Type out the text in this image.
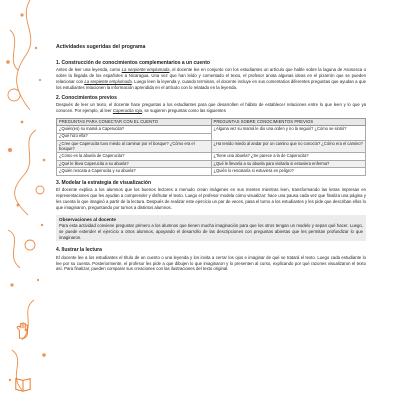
Actividades sugeridas del programa
1. Construcción de conocimientos complementarios a un cuento

Antes de leer una leyenda, como La serpiente emplumada, el docente lee en conjunto con los estudiantes un artículo que hable sobre la laguna de Asososca o sobre la llegada de los españoles a Nicaragua. Una vez que han leído y comentado el texto, el profesor anota algunas ideas en el pizarrón que se pueden relacionar con La serpiente emplumada. Luego leen la leyenda y, cuando terminan, el docente incluye en sus comentarios diferentes preguntas que ayudan a que los estudiantes relacionen la información aprendida en el artículo con lo relatado en la leyenda.

2. Conocimientos previos

Después de leer un texto, el docente hace preguntas a los estudiantes para que desarrollen el hábito de establecer relaciones entre lo que leen y lo que ya conocen. Por ejemplo, al leer Caperucita roja, se sugieren preguntas como las siguientes

PREGUNTAS PARA CONECTAR CON EL CUENTO	PREGUNTAS SOBRE CONOCIMIENTOS PREVIOS
¿Quién(es) su mamá a Caperucita?	¿Alguna vez su mamá le dio una orden y no la seguió? ¿Cómo se sintió?
¿Qué hizo ella?	
¿Cree que Caperucita tuvo miedo al caminar por el bosque? ¿Cómo era el bosque?	¿Ha tenido miedo al andar por un camino que no conocía? ¿Cómo era el camino?
¿Cómo es la abuela de Caperucita?	¿Tiene una abuela? ¿Se parece a la de Caperucita?
¿Qué le lleva Caperucita a su abuela?	¿Qué le llevaría a su abuela para visitarla si estuviera enferma?
¿Quién rescata a Caperucita y su abuela?	¿Quién lo rescataría si estuviera en peligro?
3. Modelar la estrategia de visualización

El docente explica a los alumnos que los buenos lectores a menudo crean imágenes en sus mentes mientras leen, transformando las letras impresas en representaciones que les ayudan a comprender y disfrutar el texto. Luego el profesor modela cómo visualizar: hace una pausa cada vez que finaliza una página y les cuenta lo que imaginó a partir de la lectura. Después de realizar este ejercicio un par de veces, pasa el turno a los estudiantes y les pide que describan ellos lo que imaginaron, preguntando por turnos a distintos alumnos.

Observaciones al docente

Para esta actividad conviene preguntar primero a los alumnos que tienen mucha imaginación para que los otros tengan un modelo y sepan qué hacer. Luego, se puede extender el ejercicio a otros alumnos, apoyando el desarrollo de las descripciones con preguntas abiertas que les permitan profundizar lo que imaginaron.

4. Ilustrar la lectura

El docente lee a los estudiantes el título de un cuento o una leyenda y los invita a cerrar los ojos e imaginar de qué se tratará el texto. Luego cada estudiante lo lee por su cuenta. Posteriormente, el profesor les pide a que dibujen lo que imaginaron y lo presenten al curso, explicando por qué razones visualizaron el texto así. Para finalizar, pueden comparar sus creaciones con las ilustraciones del texto original.
